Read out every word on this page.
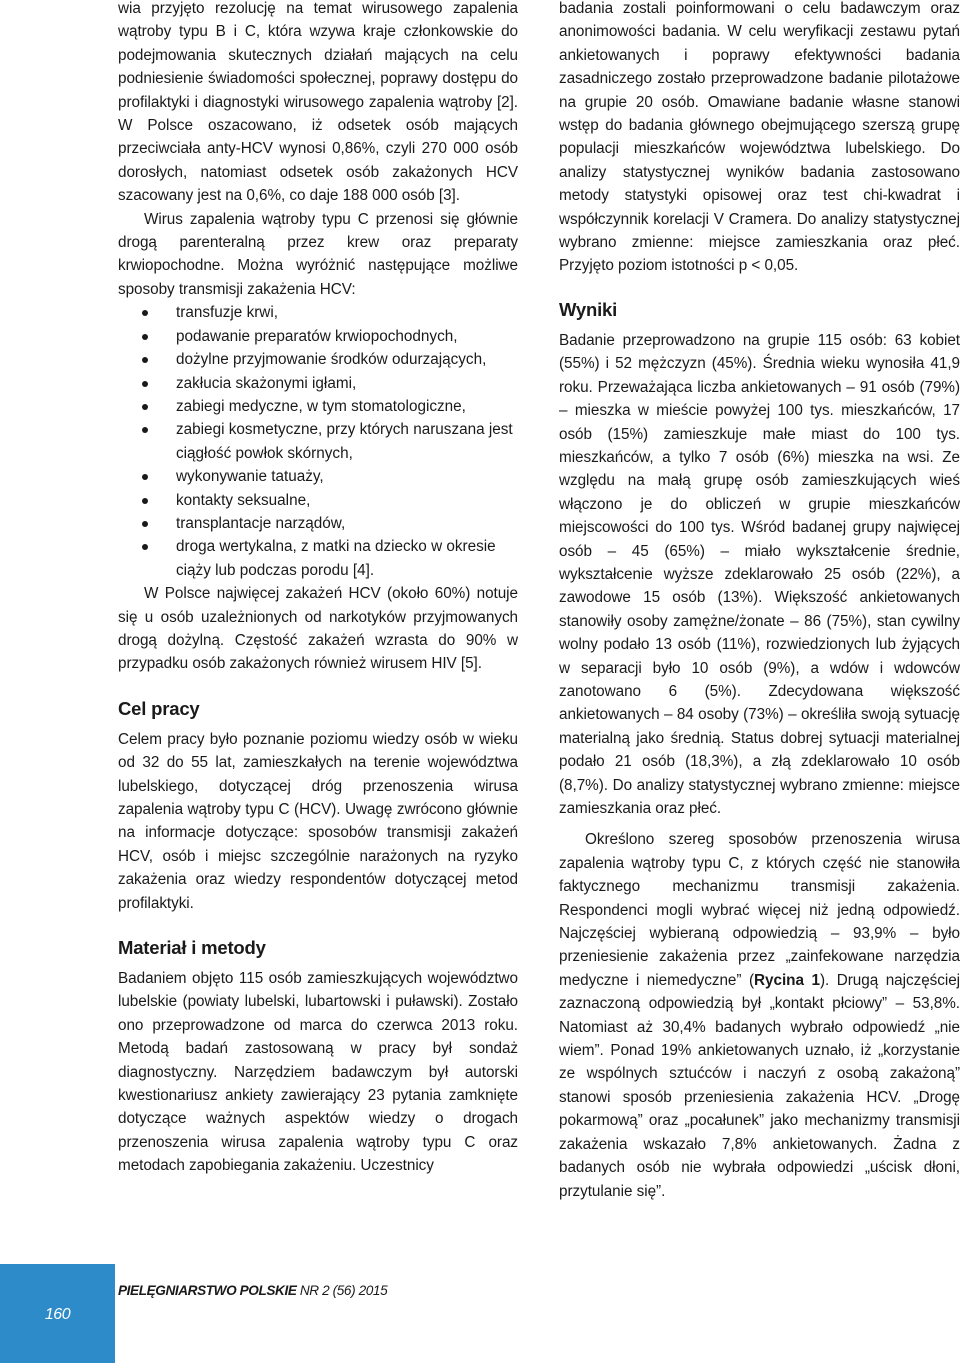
wia przyjęto rezolucję na temat wirusowego zapalenia wątroby typu B i C, która wzywa kraje członkowskie do podejmowania skutecznych działań mających na celu podniesienie świadomości społecznej, poprawy dostępu do profilaktyki i diagnostyki wirusowego zapalenia wątroby [2]. W Polsce oszacowano, iż odsetek osób mających przeciwciała anty-HCV wynosi 0,86%, czyli 270 000 osób dorosłych, natomiast odsetek osób zakażonych HCV szacowany jest na 0,6%, co daje 188 000 osób [3].

Wirus zapalenia wątroby typu C przenosi się głównie drogą parenteralną przez krew oraz preparaty krwiopochodne. Można wyróżnić następujące możliwe sposoby transmisji zakażenia HCV:

transfuzje krwi,
podawanie preparatów krwiopochodnych,
dożylne przyjmowanie środków odurzających,
zakłucia skażonymi igłami,
zabiegi medyczne, w tym stomatologiczne,
zabiegi kosmetyczne, przy których naruszana jest ciągłość powłok skórnych,
wykonywanie tatuaży,
kontakty seksualne,
transplantacje narządów,
droga wertykalna, z matki na dziecko w okresie ciąży lub podczas porodu [4].

W Polsce najwięcej zakażeń HCV (około 60%) notuje się u osób uzależnionych od narkotyków przyjmowanych drogą dożylną. Częstość zakażeń wzrasta do 90% w przypadku osób zakażonych również wirusem HIV [5].

Cel pracy

Celem pracy było poznanie poziomu wiedzy osób w wieku od 32 do 55 lat, zamieszkałych na terenie województwa lubelskiego, dotyczącej dróg przenoszenia wirusa zapalenia wątroby typu C (HCV). Uwagę zwrócono głównie na informacje dotyczące: sposobów transmisji zakażeń HCV, osób i miejsc szczególnie narażonych na ryzyko zakażenia oraz wiedzy respondentów dotyczącej metod profilaktyki.

Materiał i metody

Badaniem objęto 115 osób zamieszkujących województwo lubelskie (powiaty lubelski, lubartowski i puławski). Zostało ono przeprowadzone od marca do czerwca 2013 roku. Metodą badań zastosowaną w pracy był sondaż diagnostyczny. Narzędziem badawczym był autorski kwestionariusz ankiety zawierający 23 pytania zamknięte dotyczące ważnych aspektów wiedzy o drogach przenoszenia wirusa zapalenia wątroby typu C oraz metodach zapobiegania zakażeniu. Uczestnicy

badania zostali poinformowani o celu badawczym oraz anonimowości badania. W celu weryfikacji zestawu pytań ankietowanych i poprawy efektywności badania zasadniczego zostało przeprowadzone badanie pilotażowe na grupie 20 osób. Omawiane badanie własne stanowi wstęp do badania głównego obejmującego szerszą grupę populacji mieszkańców województwa lubelskiego. Do analizy statystycznej wyników badania zastosowano metody statystyki opisowej oraz test chi-kwadrat i współczynnik korelacji V Cramera. Do analizy statystycznej wybrano zmienne: miejsce zamieszkania oraz płeć. Przyjęto poziom istotności p < 0,05.

Wyniki

Badanie przeprowadzono na grupie 115 osób: 63 kobiet (55%) i 52 mężczyzn (45%). Średnia wieku wynosiła 41,9 roku. Przeważająca liczba ankietowanych – 91 osób (79%) – mieszka w mieście powyżej 100 tys. mieszkańców, 17 osób (15%) zamieszkuje małe miast do 100 tys. mieszkańców, a tylko 7 osób (6%) mieszka na wsi. Ze względu na małą grupę osób zamieszkujących wieś włączono je do obliczeń w grupie mieszkańców miejscowości do 100 tys. Wśród badanej grupy najwięcej osób – 45 (65%) – miało wykształcenie średnie, wykształcenie wyższe zdeklarowało 25 osób (22%), a zawodowe 15 osób (13%). Większość ankietowanych stanowiły osoby zamężne/żonate – 86 (75%), stan cywilny wolny podało 13 osób (11%), rozwiedzionych lub żyjących w separacji było 10 osób (9%), a wdów i wdowców zanotowano 6 (5%). Zdecydowana większość ankietowanych – 84 osoby (73%) – określiła swoją sytuację materialną jako średnią. Status dobrej sytuacji materialnej podało 21 osób (18,3%), a złą zdeklarowało 10 osób (8,7%). Do analizy statystycznej wybrano zmienne: miejsce zamieszkania oraz płeć.

Określono szereg sposobów przenoszenia wirusa zapalenia wątroby typu C, z których część nie stanowiła faktycznego mechanizmu transmisji zakażenia. Respondenci mogli wybrać więcej niż jedną odpowiedź. Najczęściej wybieraną odpowiedzią – 93,9% – było przeniesienie zakażenia przez „zainfekowane narzędzia medyczne i niemedyczne” (Rycina 1). Drugą najczęściej zaznaczoną odpowiedzią był „kontakt płciowy” – 53,8%. Natomiast aż 30,4% badanych wybrało odpowiedź „nie wiem”. Ponad 19% ankietowanych uznało, iż „korzystanie ze wspólnych sztućców i naczyń z osobą zakażoną” stanowi sposób przeniesienia zakażenia HCV. „Drogę pokarmową” oraz „pocałunek” jako mechanizmy transmisji zakażenia wskazało 7,8% ankietowanych. Żadna z badanych osób nie wybrała odpowiedzi „uścisk dłoni, przytulanie się”.

160
PIELĘGNIARSTWO POLSKIE NR 2 (56) 2015
